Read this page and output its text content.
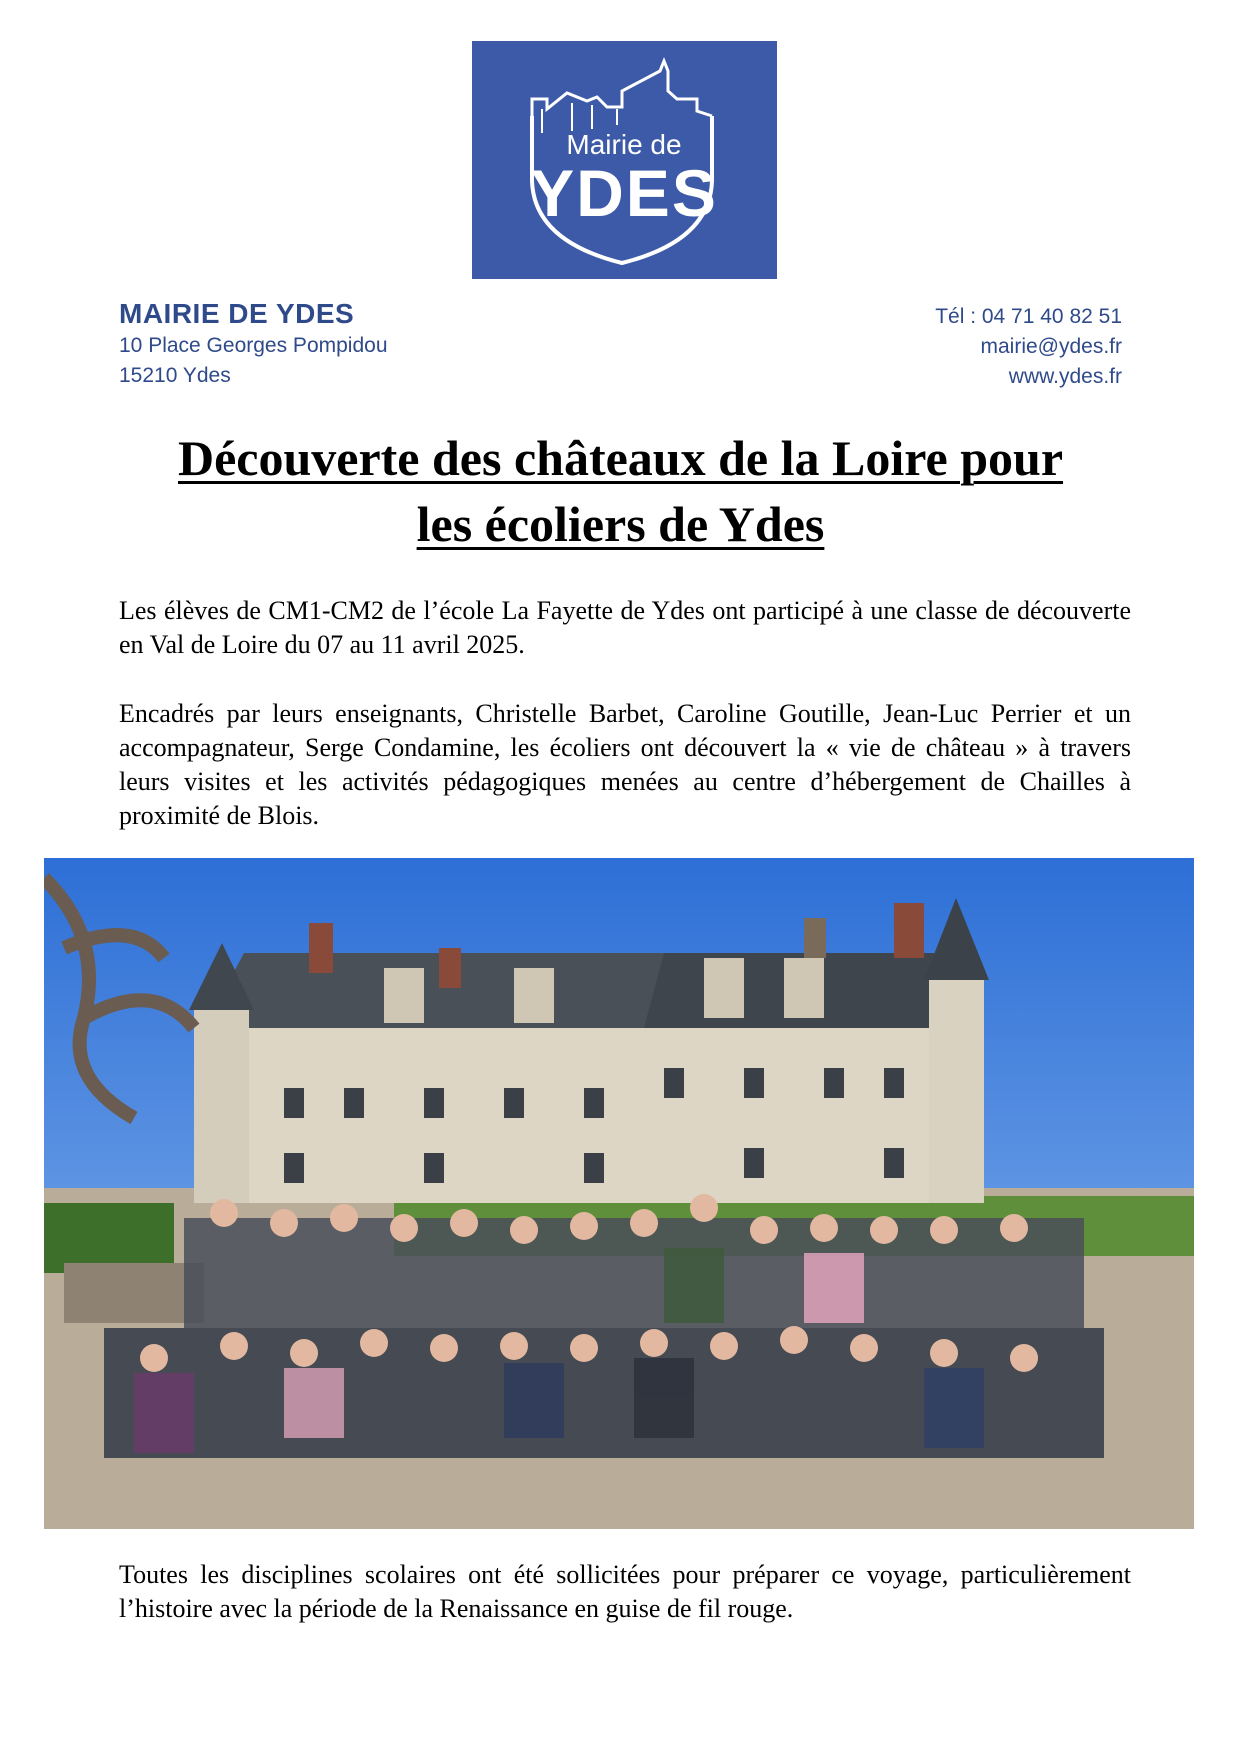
Mairie de
YDES
MAIRIE DE YDES
10 Place Georges Pompidou
15210 Ydes
Tél : 04 71 40 82 51
mairie@ydes.fr
www.ydes.fr
Découverte des châteaux de la Loire pour
les écoliers de Ydes
Les élèves de CM1-CM2 de l’école La Fayette de Ydes ont participé à une classe de découverte en Val de Loire du 07 au 11 avril 2025.
Encadrés par leurs enseignants, Christelle Barbet, Caroline Goutille, Jean-Luc Perrier et un accompagnateur, Serge Condamine, les écoliers ont découvert la « vie de château » à travers leurs visites et les activités pédagogiques menées au centre d’hébergement de Chailles à proximité de Blois.
Toutes les disciplines scolaires ont été sollicitées pour préparer ce voyage, particulièrement l’histoire avec la période de la Renaissance en guise de fil rouge.
